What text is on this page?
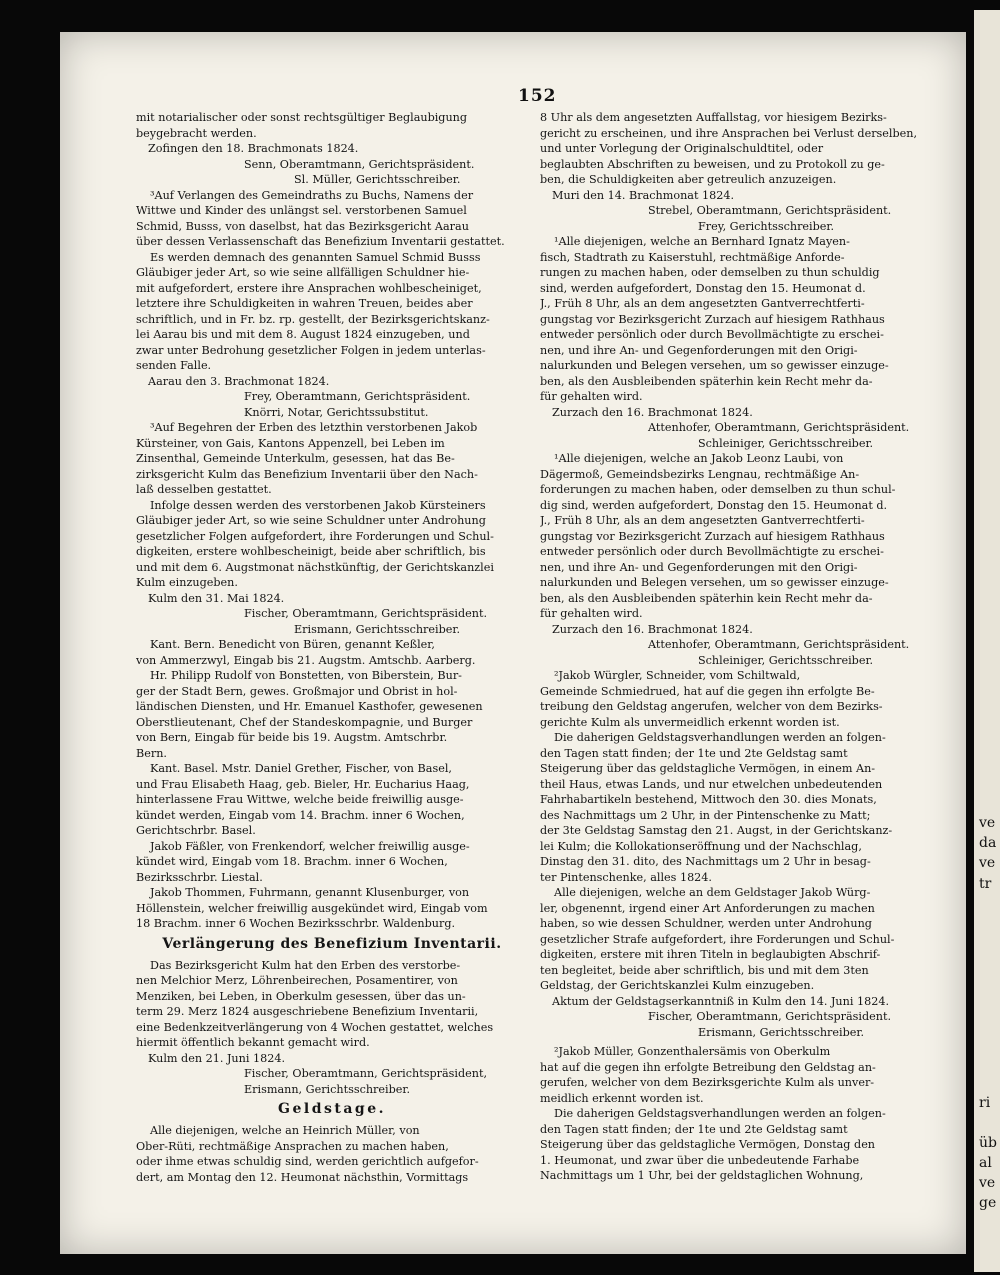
ve
da
ve
tr
ri
üb
al
ve
ge
152
mit notarialischer oder sonst rechtsgültiger Beglaubigung
beygebracht werden.
Zofingen den 18. Brachmonats 1824.
Senn, Oberamtmann, Gerichtspräsident.
Sl. Müller, Gerichtsschreiber.
³Auf Verlangen des Gemeindraths zu Buchs, Namens der
Wittwe und Kinder des unlängst sel. verstorbenen Samuel
Schmid, Busss, von daselbst, hat das Bezirksgericht Aarau
über dessen Verlassenschaft das Benefizium Inventarii gestattet.
Es werden demnach des genannten Samuel Schmid Busss
Gläubiger jeder Art, so wie seine allfälligen Schuldner hie-
mit aufgefordert, erstere ihre Ansprachen wohlbescheiniget,
letztere ihre Schuldigkeiten in wahren Treuen, beides aber
schriftlich, und in Fr. bz. rp. gestellt, der Bezirksgerichtskanz-
lei Aarau bis und mit dem 8. August 1824 einzugeben, und
zwar unter Bedrohung gesetzlicher Folgen in jedem unterlas-
senden Falle.
Aarau den 3. Brachmonat 1824.
Frey, Oberamtmann, Gerichtspräsident.
Knörri, Notar, Gerichtssubstitut.
³Auf Begehren der Erben des letzthin verstorbenen Jakob
Kürsteiner, von Gais, Kantons Appenzell, bei Leben im
Zinsenthal, Gemeinde Unterkulm, gesessen, hat das Be-
zirksgericht Kulm das Benefizium Inventarii über den Nach-
laß desselben gestattet.
Infolge dessen werden des verstorbenen Jakob Kürsteiners
Gläubiger jeder Art, so wie seine Schuldner unter Androhung
gesetzlicher Folgen aufgefordert, ihre Forderungen und Schul-
digkeiten, erstere wohlbescheinigt, beide aber schriftlich, bis
und mit dem 6. Augstmonat nächstkünftig, der Gerichtskanzlei
Kulm einzugeben.
Kulm den 31. Mai 1824.
Fischer, Oberamtmann, Gerichtspräsident.
Erismann, Gerichtsschreiber.
Kant. Bern. Benedicht von Büren, genannt Keßler,
von Ammerzwyl, Eingab bis 21. Augstm. Amtschb. Aarberg.
Hr. Philipp Rudolf von Bonstetten, von Biberstein, Bur-
ger der Stadt Bern, gewes. Großmajor und Obrist in hol-
ländischen Diensten, und Hr. Emanuel Kasthofer, gewesenen
Oberstlieutenant, Chef der Standeskompagnie, und Burger
von Bern, Eingab für beide bis 19. Augstm. Amtschrbr.
Bern.
Kant. Basel. Mstr. Daniel Grether, Fischer, von Basel,
und Frau Elisabeth Haag, geb. Bieler, Hr. Eucharius Haag,
hinterlassene Frau Wittwe, welche beide freiwillig ausge-
kündet werden, Eingab vom 14. Brachm. inner 6 Wochen,
Gerichtschrbr. Basel.
Jakob Fäßler, von Frenkendorf, welcher freiwillig ausge-
kündet wird, Eingab vom 18. Brachm. inner 6 Wochen,
Bezirksschrbr. Liestal.
Jakob Thommen, Fuhrmann, genannt Klusenburger, von
Höllenstein, welcher freiwillig ausgekündet wird, Eingab vom
18 Brachm. inner 6 Wochen Bezirksschrbr. Waldenburg.
Verlängerung des Benefizium Inventarii.
Das Bezirksgericht Kulm hat den Erben des verstorbe-
nen Melchior Merz, Löhrenbeirechen, Posamentirer, von
Menziken, bei Leben, in Oberkulm gesessen, über das un-
term 29. Merz 1824 ausgeschriebene Benefizium Inventarii,
eine Bedenkzeitverlängerung von 4 Wochen gestattet, welches
hiermit öffentlich bekannt gemacht wird.
Kulm den 21. Juni 1824.
Fischer, Oberamtmann, Gerichtspräsident,
Erismann, Gerichtsschreiber.
Geldstage.
Alle diejenigen, welche an Heinrich Müller, von
Ober-Rüti, rechtmäßige Ansprachen zu machen haben,
oder ihme etwas schuldig sind, werden gerichtlich aufgefor-
dert, am Montag den 12. Heumonat nächsthin, Vormittags
8 Uhr als dem angesetzten Auffallstag, vor hiesigem Bezirks-
gericht zu erscheinen, und ihre Ansprachen bei Verlust derselben,
und unter Vorlegung der Originalschuldtitel, oder
beglaubten Abschriften zu beweisen, und zu Protokoll zu ge-
ben, die Schuldigkeiten aber getreulich anzuzeigen.
Muri den 14. Brachmonat 1824.
Strebel, Oberamtmann, Gerichtspräsident.
Frey, Gerichtsschreiber.
¹Alle diejenigen, welche an Bernhard Ignatz Mayen-
fisch, Stadtrath zu Kaiserstuhl, rechtmäßige Anforde-
rungen zu machen haben, oder demselben zu thun schuldig
sind, werden aufgefordert, Donstag den 15. Heumonat d.
J., Früh 8 Uhr, als an dem angesetzten Gantverrechtferti-
gungstag vor Bezirksgericht Zurzach auf hiesigem Rathhaus
entweder persönlich oder durch Bevollmächtigte zu erschei-
nen, und ihre An- und Gegenforderungen mit den Origi-
nalurkunden und Belegen versehen, um so gewisser einzuge-
ben, als den Ausbleibenden späterhin kein Recht mehr da-
für gehalten wird.
Zurzach den 16. Brachmonat 1824.
Attenhofer, Oberamtmann, Gerichtspräsident.
Schleiniger, Gerichtsschreiber.
¹Alle diejenigen, welche an Jakob Leonz Laubi, von
Dägermoß, Gemeindsbezirks Lengnau, rechtmäßige An-
forderungen zu machen haben, oder demselben zu thun schul-
dig sind, werden aufgefordert, Donstag den 15. Heumonat d.
J., Früh 8 Uhr, als an dem angesetzten Gantverrechtferti-
gungstag vor Bezirksgericht Zurzach auf hiesigem Rathhaus
entweder persönlich oder durch Bevollmächtigte zu erschei-
nen, und ihre An- und Gegenforderungen mit den Origi-
nalurkunden und Belegen versehen, um so gewisser einzuge-
ben, als den Ausbleibenden späterhin kein Recht mehr da-
für gehalten wird.
Zurzach den 16. Brachmonat 1824.
Attenhofer, Oberamtmann, Gerichtspräsident.
Schleiniger, Gerichtsschreiber.
²Jakob Würgler, Schneider, vom Schiltwald,
Gemeinde Schmiedrued, hat auf die gegen ihn erfolgte Be-
treibung den Geldstag angerufen, welcher von dem Bezirks-
gerichte Kulm als unvermeidlich erkennt worden ist.
Die daherigen Geldstagsverhandlungen werden an folgen-
den Tagen statt finden; der 1te und 2te Geldstag samt
Steigerung über das geldstagliche Vermögen, in einem An-
theil Haus, etwas Lands, und nur etwelchen unbedeutenden
Fahrhabartikeln bestehend, Mittwoch den 30. dies Monats,
des Nachmittags um 2 Uhr, in der Pintenschenke zu Matt;
der 3te Geldstag Samstag den 21. Augst, in der Gerichtskanz-
lei Kulm; die Kollokationseröffnung und der Nachschlag,
Dinstag den 31. dito, des Nachmittags um 2 Uhr in besag-
ter Pintenschenke, alles 1824.
Alle diejenigen, welche an dem Geldstager Jakob Würg-
ler, obgenennt, irgend einer Art Anforderungen zu machen
haben, so wie dessen Schuldner, werden unter Androhung
gesetzlicher Strafe aufgefordert, ihre Forderungen und Schul-
digkeiten, erstere mit ihren Titeln in beglaubigten Abschrif-
ten begleitet, beide aber schriftlich, bis und mit dem 3ten
Geldstag, der Gerichtskanzlei Kulm einzugeben.
Aktum der Geldstagserkanntniß in Kulm den 14. Juni 1824.
Fischer, Oberamtmann, Gerichtspräsident.
Erismann, Gerichtsschreiber.
²Jakob Müller, Gonzenthalersämis von Oberkulm
hat auf die gegen ihn erfolgte Betreibung den Geldstag an-
gerufen, welcher von dem Bezirksgerichte Kulm als unver-
meidlich erkennt worden ist.
Die daherigen Geldstagsverhandlungen werden an folgen-
den Tagen statt finden; der 1te und 2te Geldstag samt
Steigerung über das geldstagliche Vermögen, Donstag den
1. Heumonat, und zwar über die unbedeutende Farhabe
Nachmittags um 1 Uhr, bei der geldstaglichen Wohnung,
